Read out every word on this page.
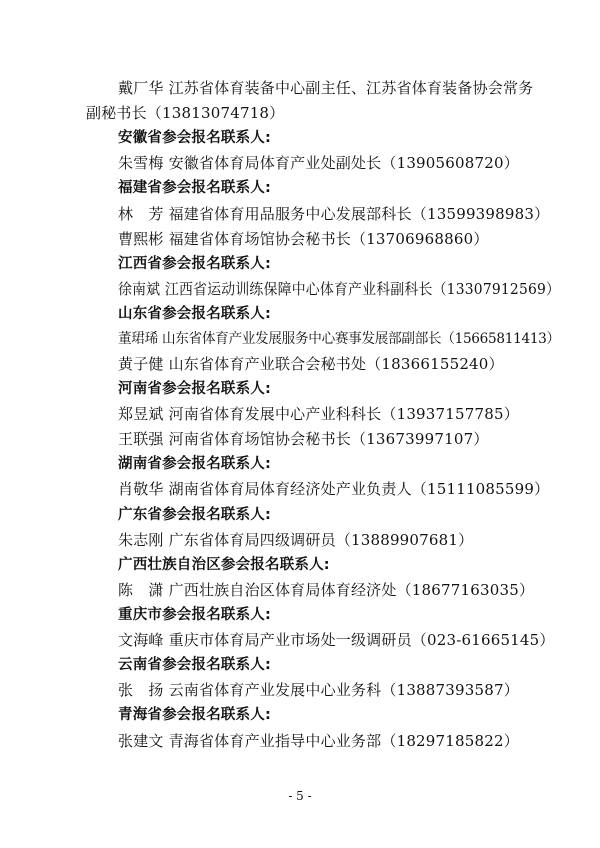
戴厂华 江苏省体育装备中心副主任、江苏省体育装备协会常务
副秘书长（13813074718）
安徽省参会报名联系人:
朱雪梅 安徽省体育局体育产业处副处长（13905608720）
福建省参会报名联系人:
林　芳 福建省体育用品服务中心发展部科长（13599398983）
曹熙彬 福建省体育场馆协会秘书长（13706968860）
江西省参会报名联系人:
徐南斌 江西省运动训练保障中心体育产业科副科长（13307912569）
山东省参会报名联系人:
董珺琋 山东省体育产业发展服务中心赛事发展部副部长（15665811413）
黄子健 山东省体育产业联合会秘书处（18366155240）
河南省参会报名联系人:
郑昱斌 河南省体育发展中心产业科科长（13937157785）
王联强 河南省体育场馆协会秘书长（13673997107）
湖南省参会报名联系人:
肖敬华 湖南省体育局体育经济处产业负责人（15111085599）
广东省参会报名联系人:
朱志刚 广东省体育局四级调研员（13889907681）
广西壮族自治区参会报名联系人:
陈　潇 广西壮族自治区体育局体育经济处（18677163035）
重庆市参会报名联系人:
文海峰 重庆市体育局产业市场处一级调研员（023-61665145）
云南省参会报名联系人:
张　扬 云南省体育产业发展中心业务科（13887393587）
青海省参会报名联系人:
张建文 青海省体育产业指导中心业务部（18297185822）
- 5 -
